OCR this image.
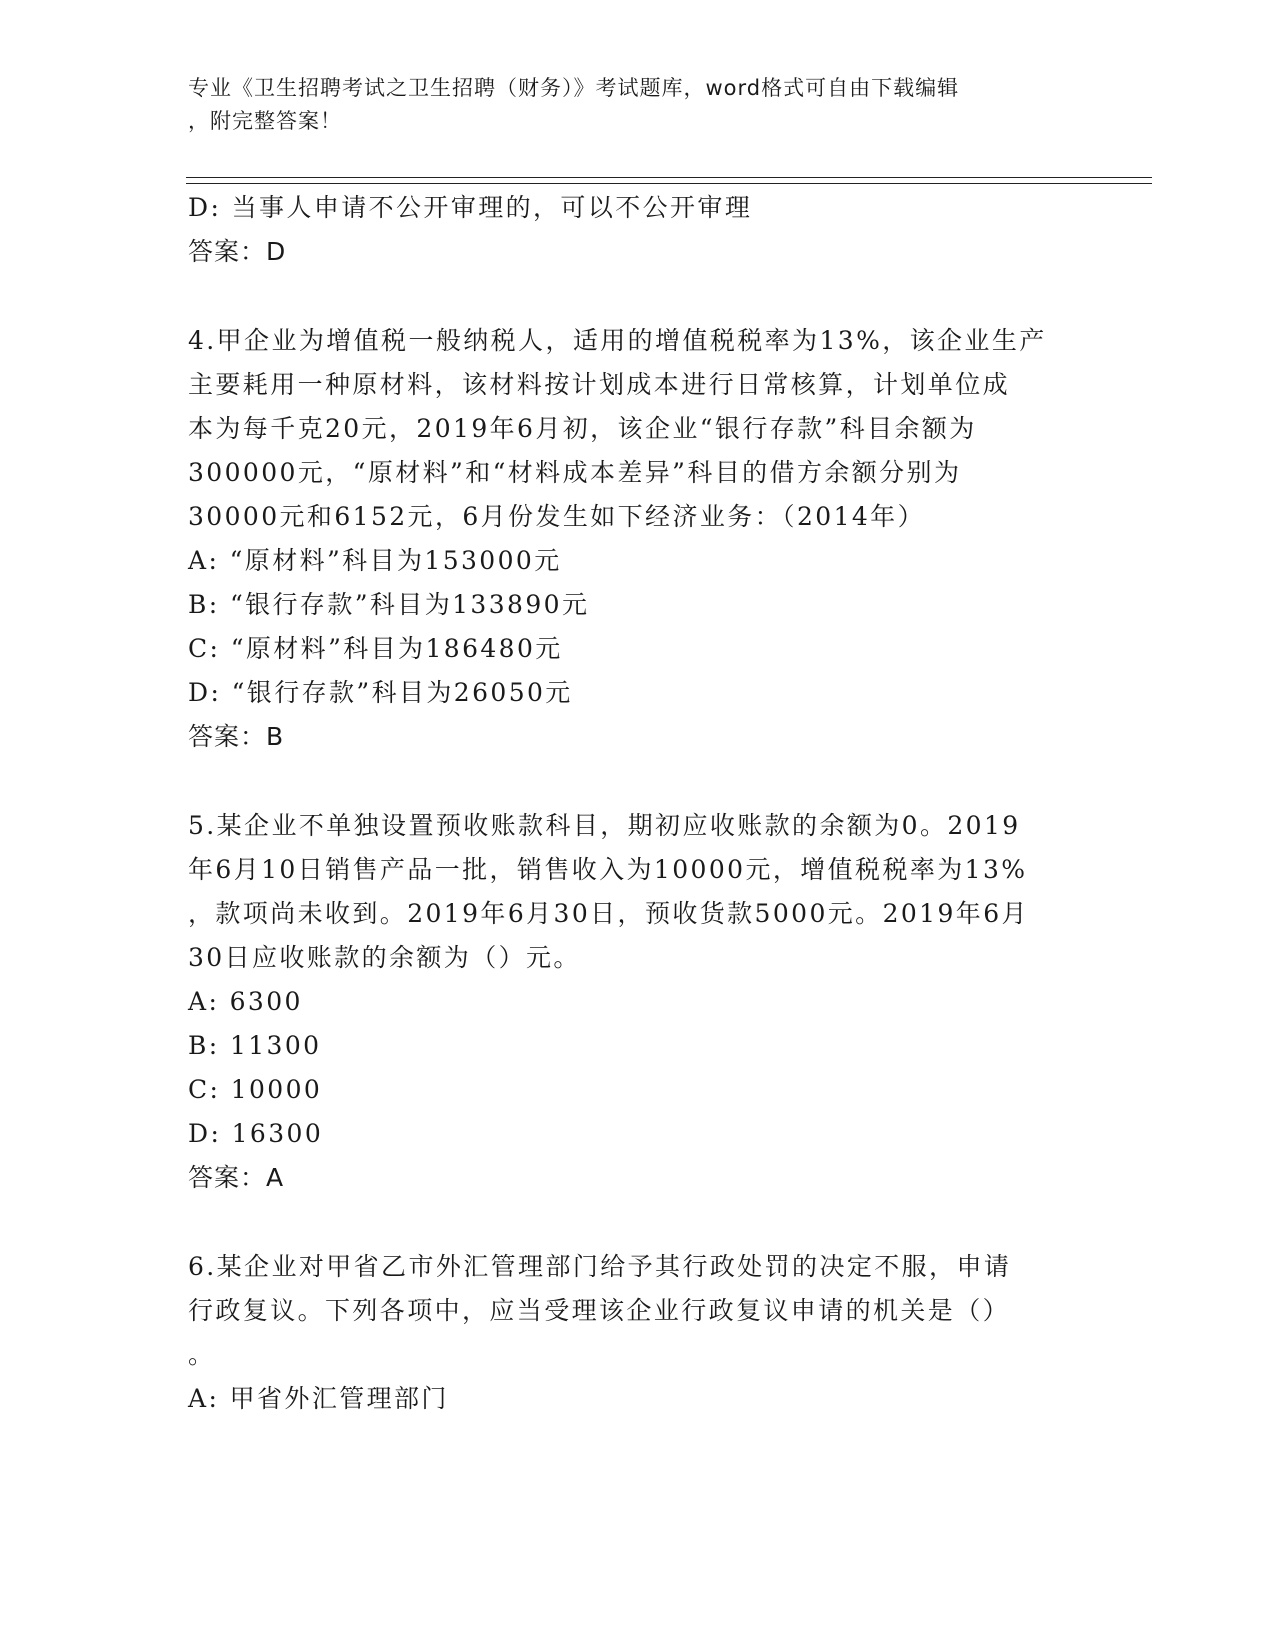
专业《卫生招聘考试之卫生招聘（财务）》考试题库，word格式可自由下载编辑
，附完整答案！
D: 当事人申请不公开审理的，可以不公开审理
答案：D
4.甲企业为增值税一般纳税人，适用的增值税税率为13%，该企业生产
主要耗用一种原材料，该材料按计划成本进行日常核算，计划单位成
本为每千克20元，2019年6月初，该企业“银行存款”科目余额为
300000元，“原材料”和“材料成本差异”科目的借方余额分别为
30000元和6152元，6月份发生如下经济业务：（2014年）
A: “原材料”科目为153000元
B: “银行存款”科目为133890元
C: “原材料”科目为186480元
D: “银行存款”科目为26050元
答案：B
5.某企业不单独设置预收账款科目，期初应收账款的余额为0。2019
年6月10日销售产品一批，销售收入为10000元，增值税税率为13%
，款项尚未收到。2019年6月30日，预收货款5000元。2019年6月
30日应收账款的余额为（）元。
A: 6300
B: 11300
C: 10000
D: 16300
答案：A
6.某企业对甲省乙市外汇管理部门给予其行政处罚的决定不服，申请
行政复议。下列各项中，应当受理该企业行政复议申请的机关是（）
。
A: 甲省外汇管理部门
